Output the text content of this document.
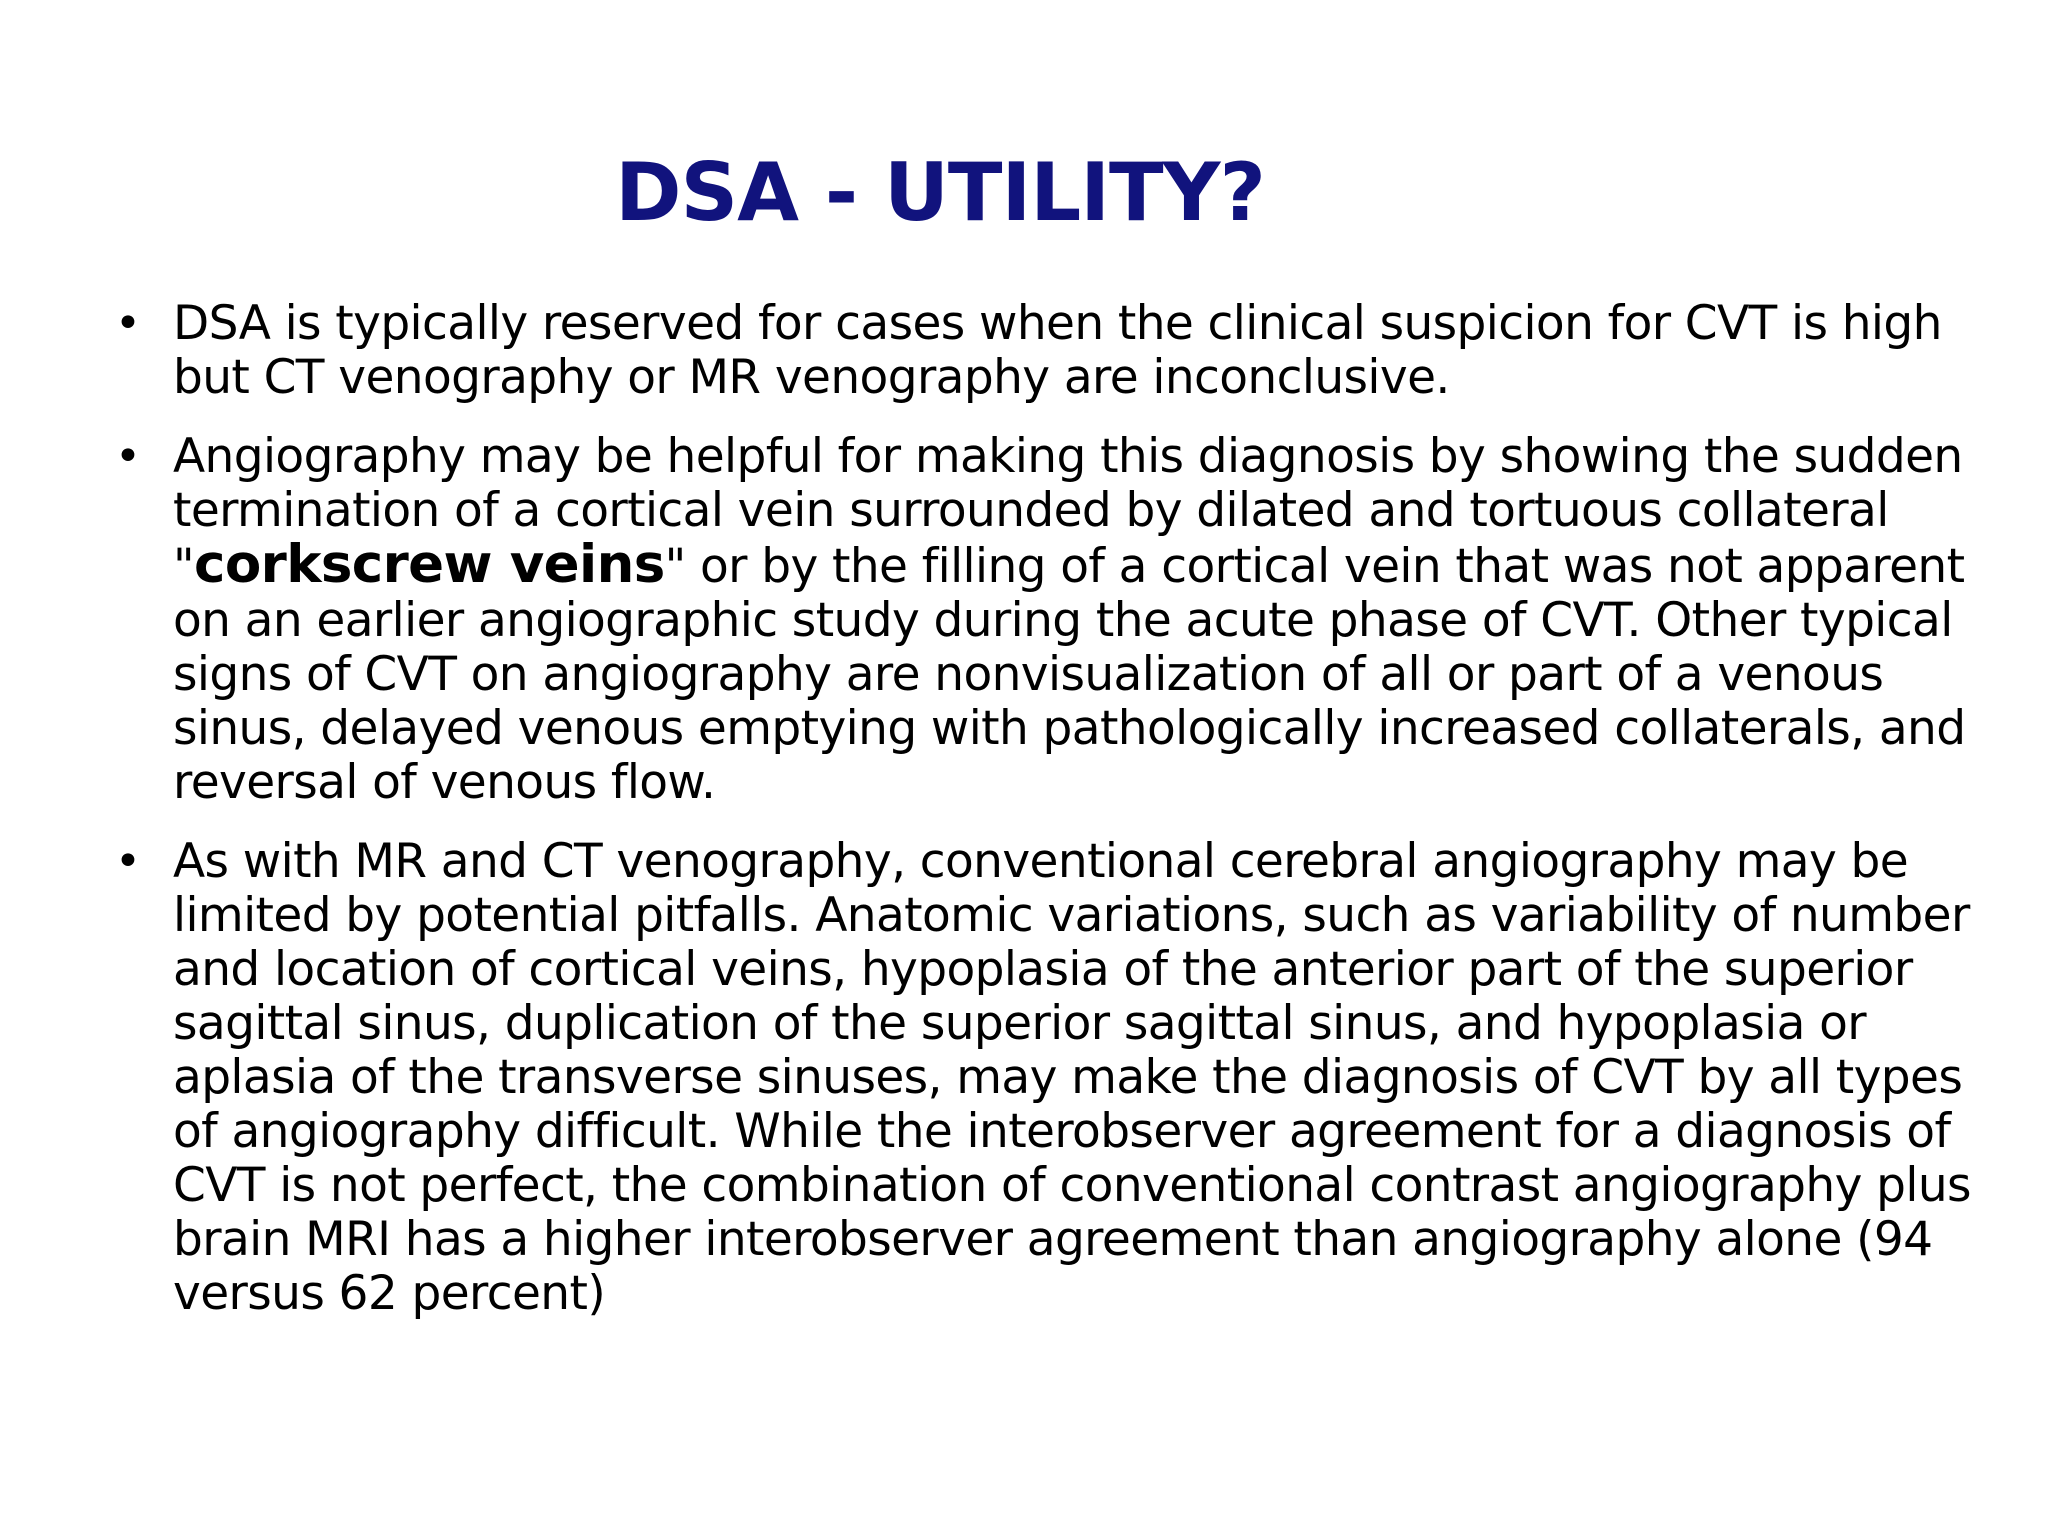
DSA - UTILITY?
• DSA is typically reserved for cases when the clinical suspicion for CVT is high but CT venography or MR venography are inconclusive.
• Angiography may be helpful for making this diagnosis by showing the sudden termination of a cortical vein surrounded by dilated and tortuous collateral "corkscrew veins" or by the filling of a cortical vein that was not apparent on an earlier angiographic study during the acute phase of CVT. Other typical signs of CVT on angiography are nonvisualization of all or part of a venous sinus, delayed venous emptying with pathologically increased collaterals, and reversal of venous flow.
• As with MR and CT venography, conventional cerebral angiography may be limited by potential pitfalls. Anatomic variations, such as variability of number and location of cortical veins, hypoplasia of the anterior part of the superior sagittal sinus, duplication of the superior sagittal sinus, and hypoplasia or aplasia of the transverse sinuses, may make the diagnosis of CVT by all types of angiography difficult. While the interobserver agreement for a diagnosis of CVT is not perfect, the combination of conventional contrast angiography plus brain MRI has a higher interobserver agreement than angiography alone (94 versus 62 percent)
